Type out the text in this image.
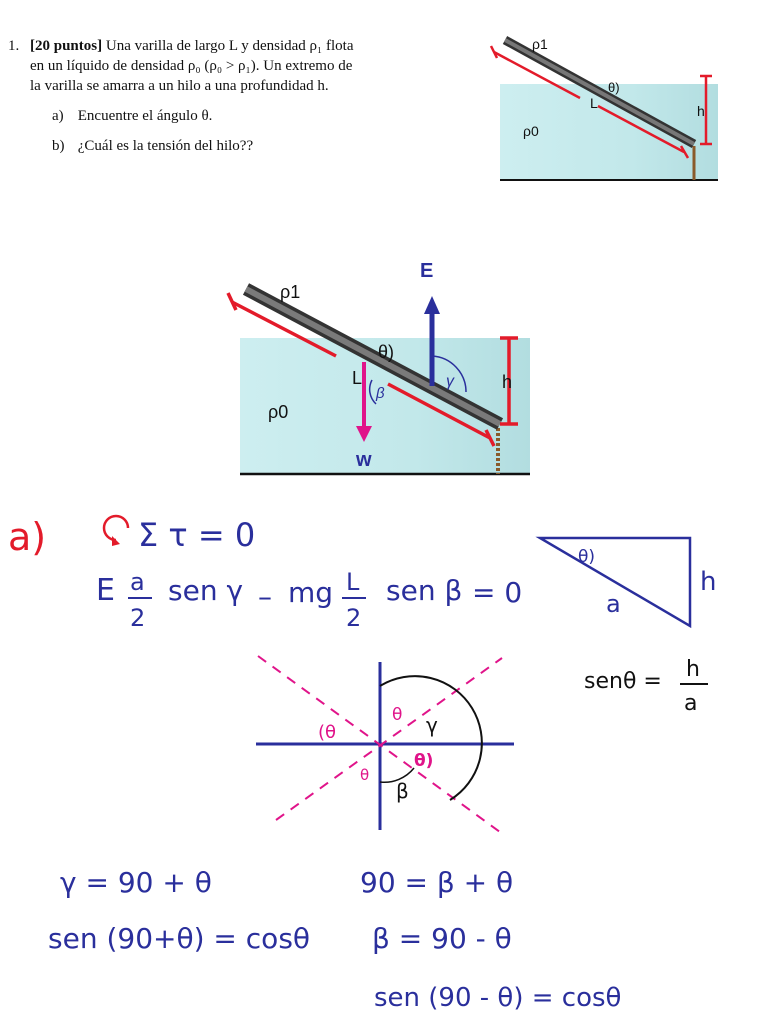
1. [20 puntos] Una varilla de largo L y densidad ρ₁ flota

en un líquido de densidad ρ₀ (ρ₀ > ρ₁). Un extremo de

la varilla se amarra a un hilo a una profundidad h.

a) Encuentre el ángulo θ.

b) ¿Cuál es la tensión del hilo??

ρ1
θ)
L	h
ρ0
E
ρ1
θ)
L
β
γ	h
ρ0
w
a)	Σ τ = 0
E a
2
sen γ – mg L
2
sen β = 0
θ)
h
a
senθ = h
a
(θ
θ
θ)
θ
γ
β
γ = 90 + θ
sen (90+θ) = cosθ
90 = β + θ
β = 90 - θ
sen (90 - θ) = cosθ
